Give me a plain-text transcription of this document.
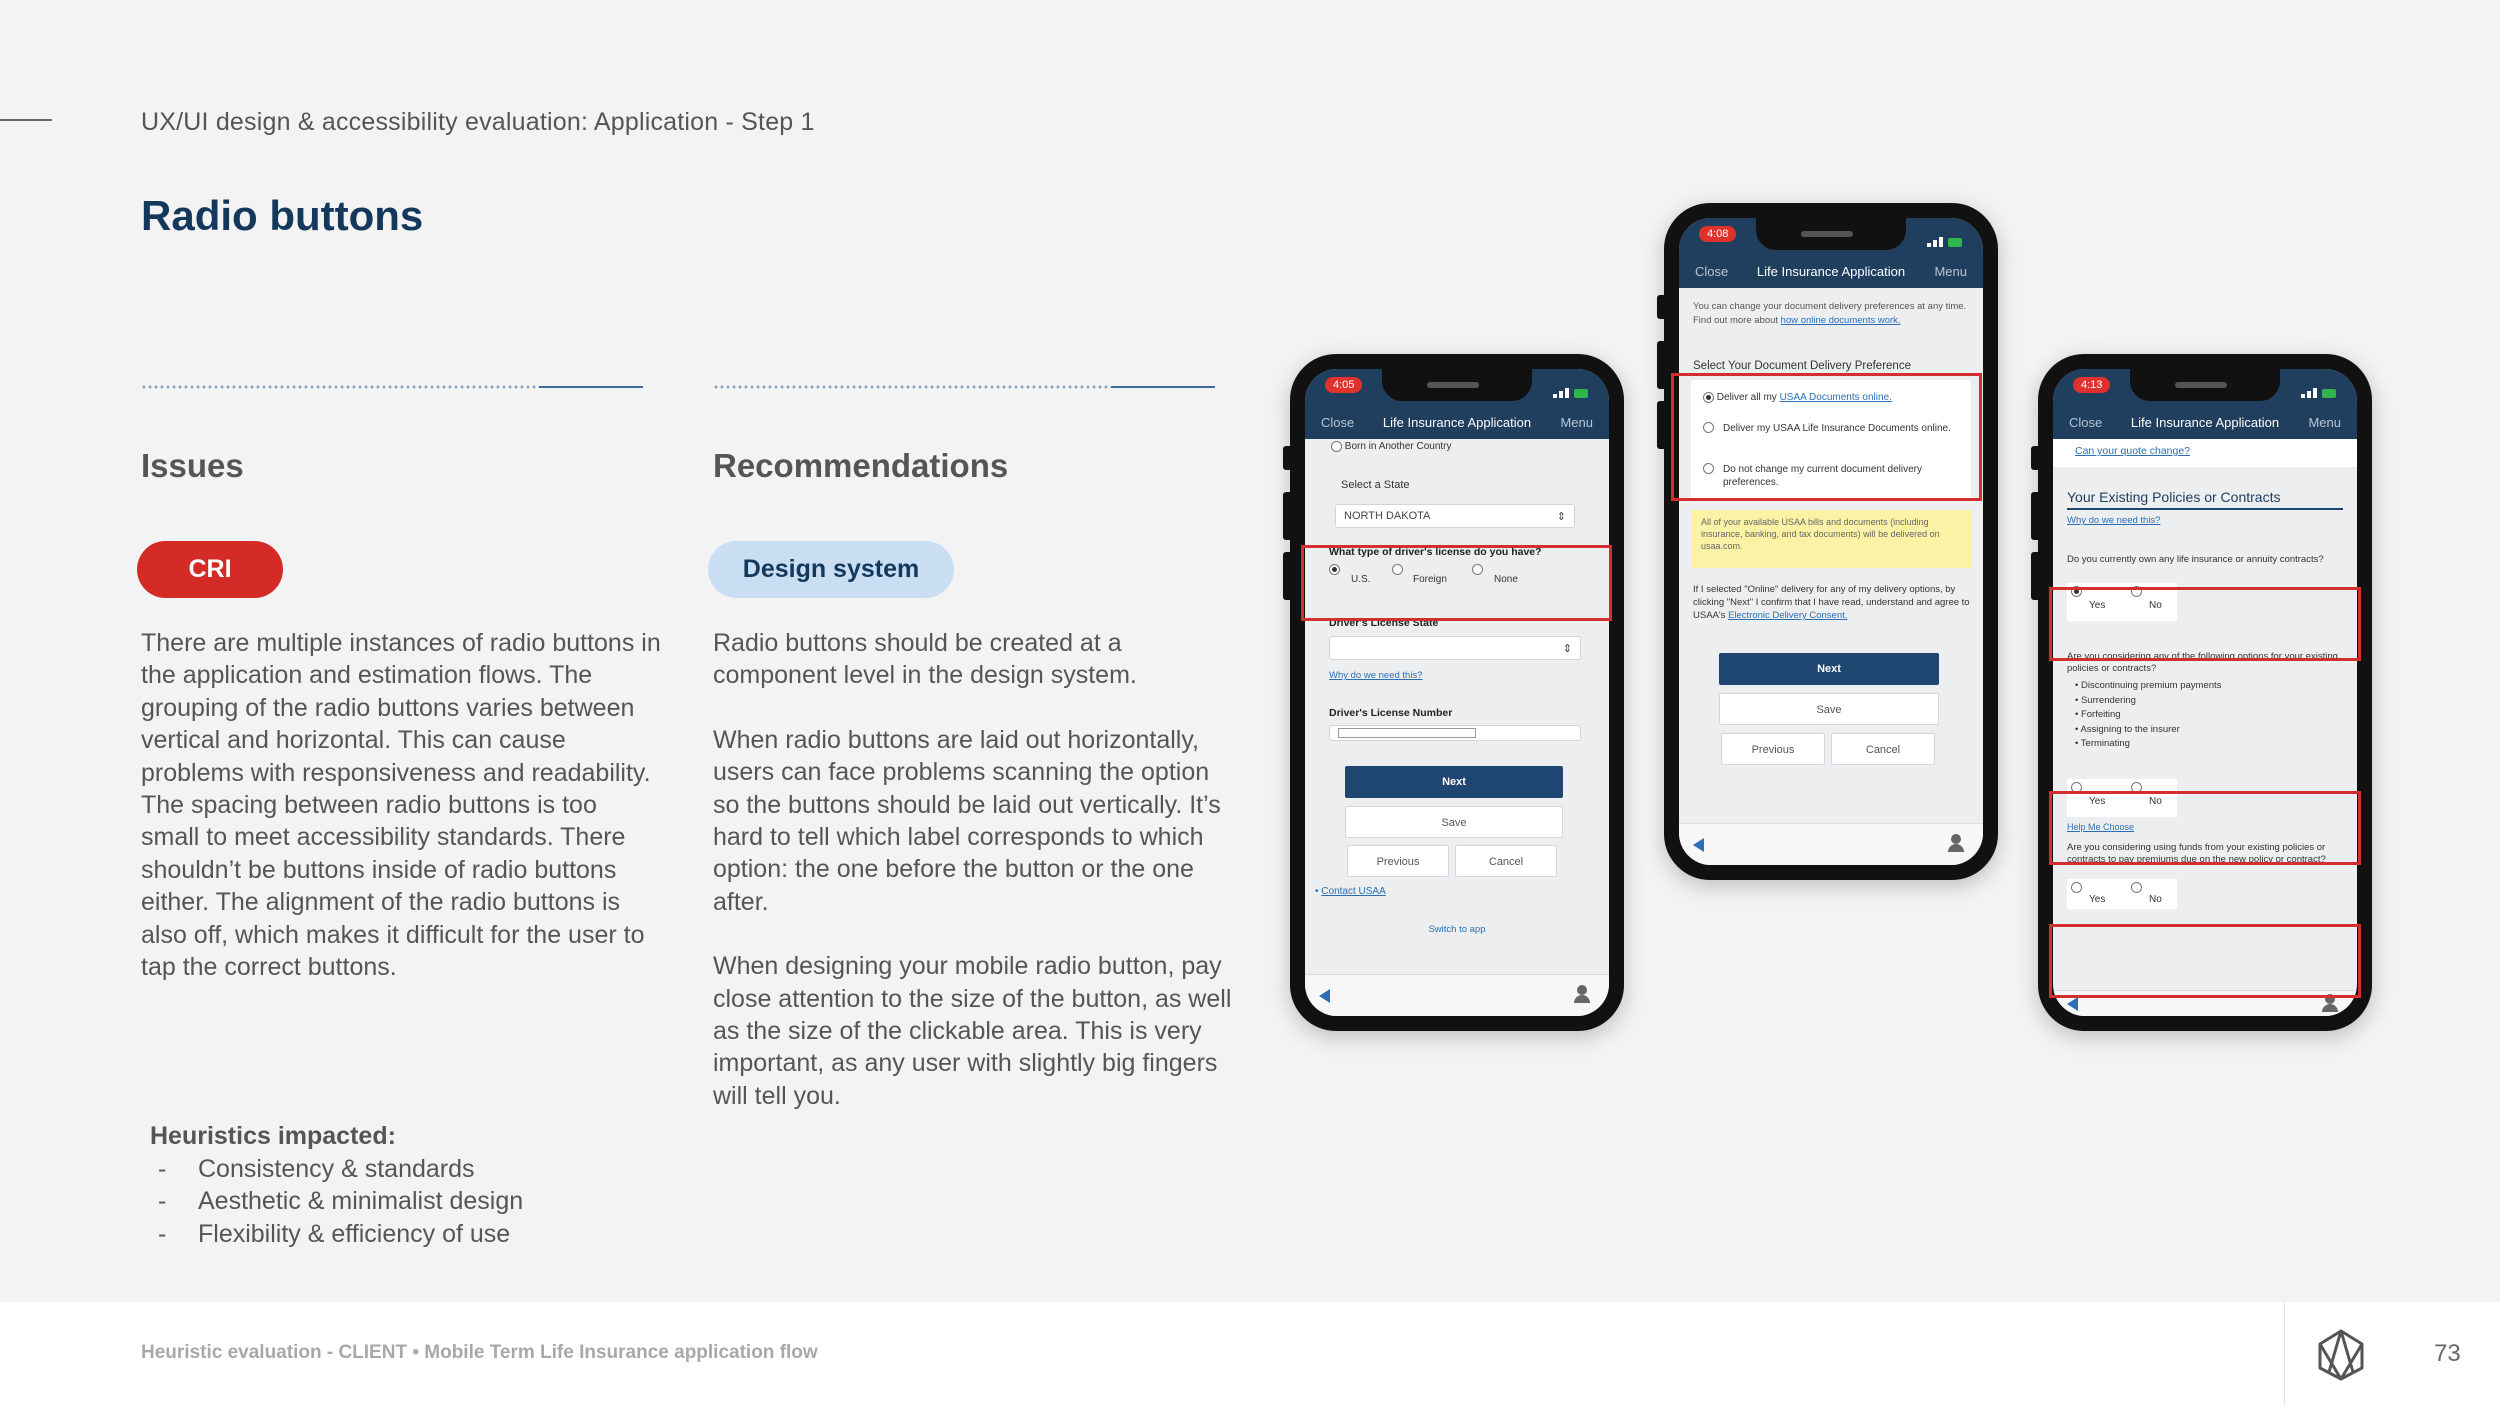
UX/UI design & accessibility evaluation: Application - Step 1
Radio buttons
Issues
CRI

There are multiple instances of radio buttons in the application and estimation flows. The grouping of the radio buttons varies between vertical and horizontal. This can cause problems with responsiveness and readability. The spacing between radio buttons is too small to meet accessibility standards. There shouldn’t be buttons inside of radio buttons either. The alignment of the radio buttons is also off, which makes it difficult for the user to tap the correct buttons.

Recommendations
Design system

Radio buttons should be created at a component level in the design system.

When radio buttons are laid out horizontally, users can face problems scanning the option so the buttons should be laid out vertically. It’s hard to tell which label corresponds to which option: the one before the button or the one after.

When designing your mobile radio button, pay close attention to the size of the button, as well as the size of the clickable area. This is very important, as any user with slightly big fingers will tell you.

Heuristics impacted:
- Consistency & standards
- Aesthetic & minimalist design
- Flexibility & efficiency of use
4:05
Close	Life Insurance Application	Menu
Born in Another Country
Select a State
NORTH DAKOTA	⇕
What type of driver's license do you have?
U.S.	Foreign	None
Driver's License State
⇕
Why do we need this?
Driver's License Number
Next
Save
Previous	Cancel
• Contact USAA
Switch to app
4:08
Close	Life Insurance Application	Menu
You can change your document delivery preferences at any time. Find out more about how online documents work.
Select Your Document Delivery Preference
Deliver all my USAA Documents online.
Deliver my USAA Life Insurance Documents online.
Do not change my current document delivery preferences.
All of your available USAA bills and documents (including insurance, banking, and tax documents) will be delivered on usaa.com.
If I selected "Online" delivery for any of my delivery options, by clicking "Next" I confirm that I have read, understand and agree to USAA's Electronic Delivery Consent.
Next
Save
Previous	Cancel
4:13
Close	Life Insurance Application	Menu
Can your quote change?
Your Existing Policies or Contracts
Why do we need this?
Do you currently own any life insurance or annuity contracts?
Yes	No
Are you considering any of the following options for your existing policies or contracts?
• Discontinuing premium payments
• Surrendering
• Forfeiting
• Assigning to the insurer
• Terminating
Yes	No
Help Me Choose
Are you considering using funds from your existing policies or contracts to pay premiums due on the new policy or contract?
Yes	No
Heuristic evaluation - CLIENT • Mobile Term Life Insurance application flow	73
